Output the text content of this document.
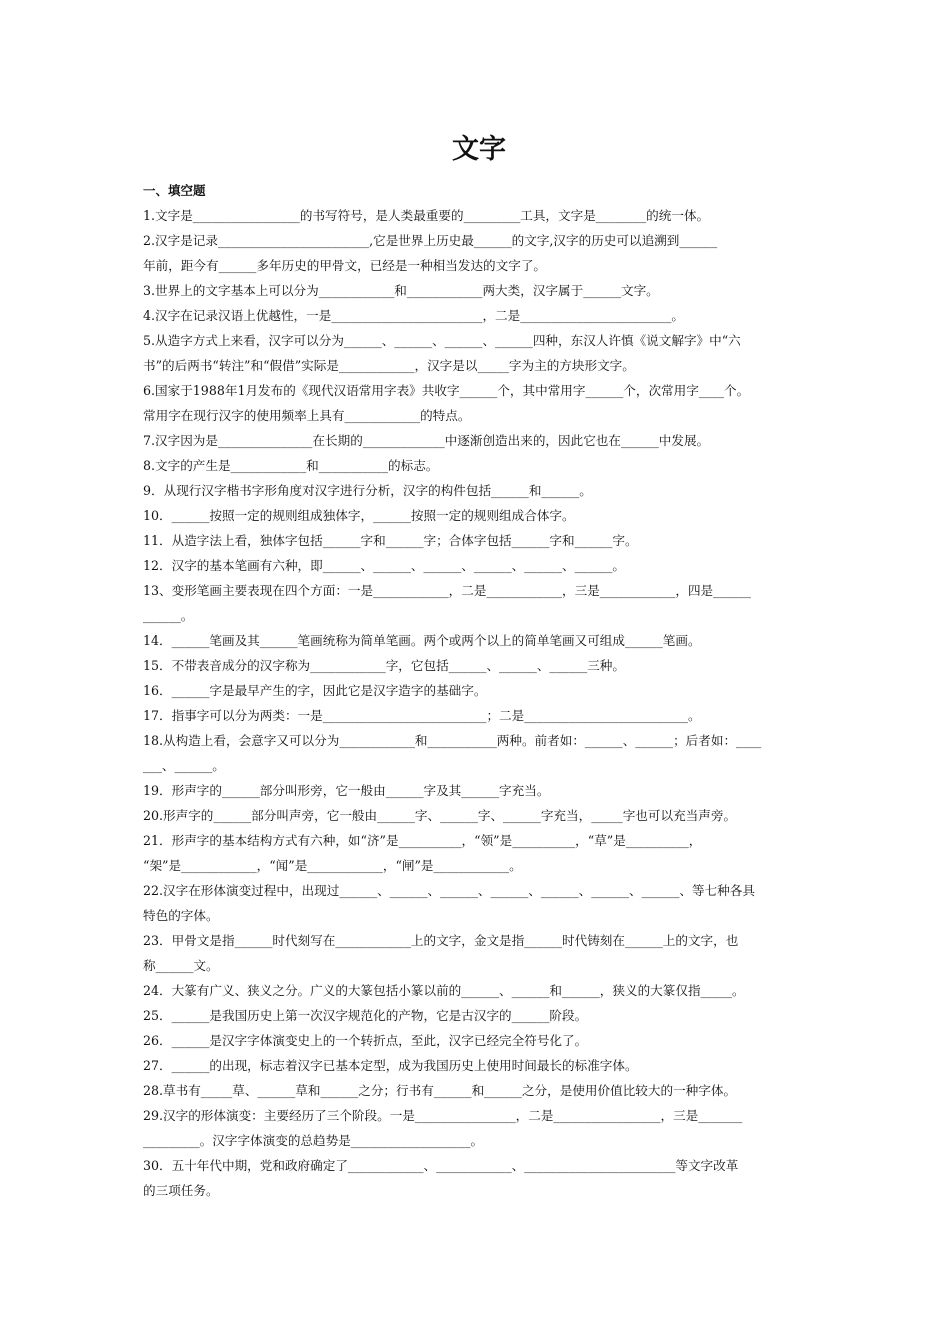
文字
一、填空题
1.文字是_________________的书写符号，是人类最重要的_________工具，文字是________的统一体。
2.汉字是记录________________________,它是世界上历史最______的文字,汉字的历史可以追溯到______
年前，距今有______多年历史的甲骨文，已经是一种相当发达的文字了。
3.世界上的文字基本上可以分为____________和____________两大类，汉字属于______文字。
4.汉字在记录汉语上优越性，一是________________________，二是________________________。
5.从造字方式上来看，汉字可以分为______、______、______、______四种，东汉人许慎《说文解字》中“六
书”的后两书“转注”和“假借”实际是____________，汉字是以_____字为主的方块形文字。
6.国家于1988年1月发布的《现代汉语常用字表》共收字______个，其中常用字______个，次常用字____个。
常用字在现行汉字的使用频率上具有____________的特点。
7.汉字因为是_______________在长期的_____________中逐渐创造出来的，因此它也在______中发展。
8.文字的产生是____________和___________的标志。
9．从现行汉字楷书字形角度对汉字进行分析，汉字的构件包括______和______。
10．______按照一定的规则组成独体字，______按照一定的规则组成合体字。
11．从造字法上看，独体字包括______字和______字；合体字包括______字和______字。
12．汉字的基本笔画有六种，即______、______、______、______、______、______。
13、变形笔画主要表现在四个方面：一是____________，二是____________，三是____________，四是______
______。
14．______笔画及其______笔画统称为简单笔画。两个或两个以上的简单笔画又可组成______笔画。
15．不带表音成分的汉字称为____________字，它包括______、______、______三种。
16．______字是最早产生的字，因此它是汉字造字的基础字。
17．指事字可以分为两类：一是__________________________；二是__________________________。
18.从构造上看，会意字又可以分为____________和___________两种。前者如：______、______；后者如：____
___、______。
19．形声字的______部分叫形旁，它一般由______字及其______字充当。
20.形声字的______部分叫声旁，它一般由______字、______字、______字充当，_____字也可以充当声旁。
21．形声字的基本结构方式有六种，如“济”是__________，“领”是__________，“草”是__________，
“架”是____________，“闻”是____________，“闸”是____________。
22.汉字在形体演变过程中，出现过______、______、______、______、______、______、______、等七种各具
特色的字体。
23．甲骨文是指______时代刻写在____________上的文字，金文是指______时代铸刻在______上的文字，也
称______文。
24．大篆有广义、狭义之分。广义的大篆包括小篆以前的______、______和______，狭义的大篆仅指_____。
25．______是我国历史上第一次汉字规范化的产物，它是古汉字的______阶段。
26．______是汉字字体演变史上的一个转折点，至此，汉字已经完全符号化了。
27．______的出现，标志着汉字已基本定型，成为我国历史上使用时间最长的标准字体。
28.草书有_____草、______草和______之分；行书有______和______之分，是使用价值比较大的一种字体。
29.汉字的形体演变：主要经历了三个阶段。一是________________，二是_________________，三是_______
_________。汉字字体演变的总趋势是___________________。
30．五十年代中期，党和政府确定了____________、____________、________________________等文字改革
的三项任务。
